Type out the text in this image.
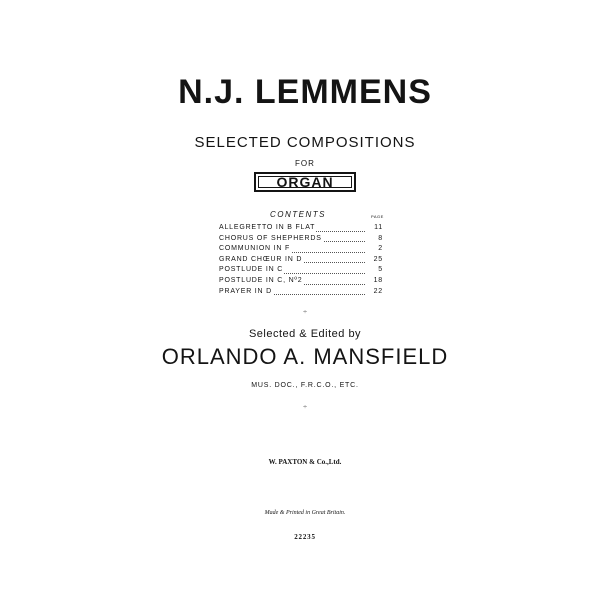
N.J. LEMMENS
SELECTED COMPOSITIONS
FOR
ORGAN
CONTENTS	PAGE
ALLEGRETTO IN B FLAT	11
CHORUS OF SHEPHERDS	8
COMMUNION IN F	2
GRAND CHŒUR IN D	25
POSTLUDE IN C	5
POSTLUDE IN C, Nº2	18
PRAYER IN D	22
÷
Selected & Edited by
ORLANDO A. MANSFIELD
MUS. DOC., F.R.C.O., ETC.
÷
W. PAXTON & Co.,Ltd.
Made & Printed in Great Britain.
22235
